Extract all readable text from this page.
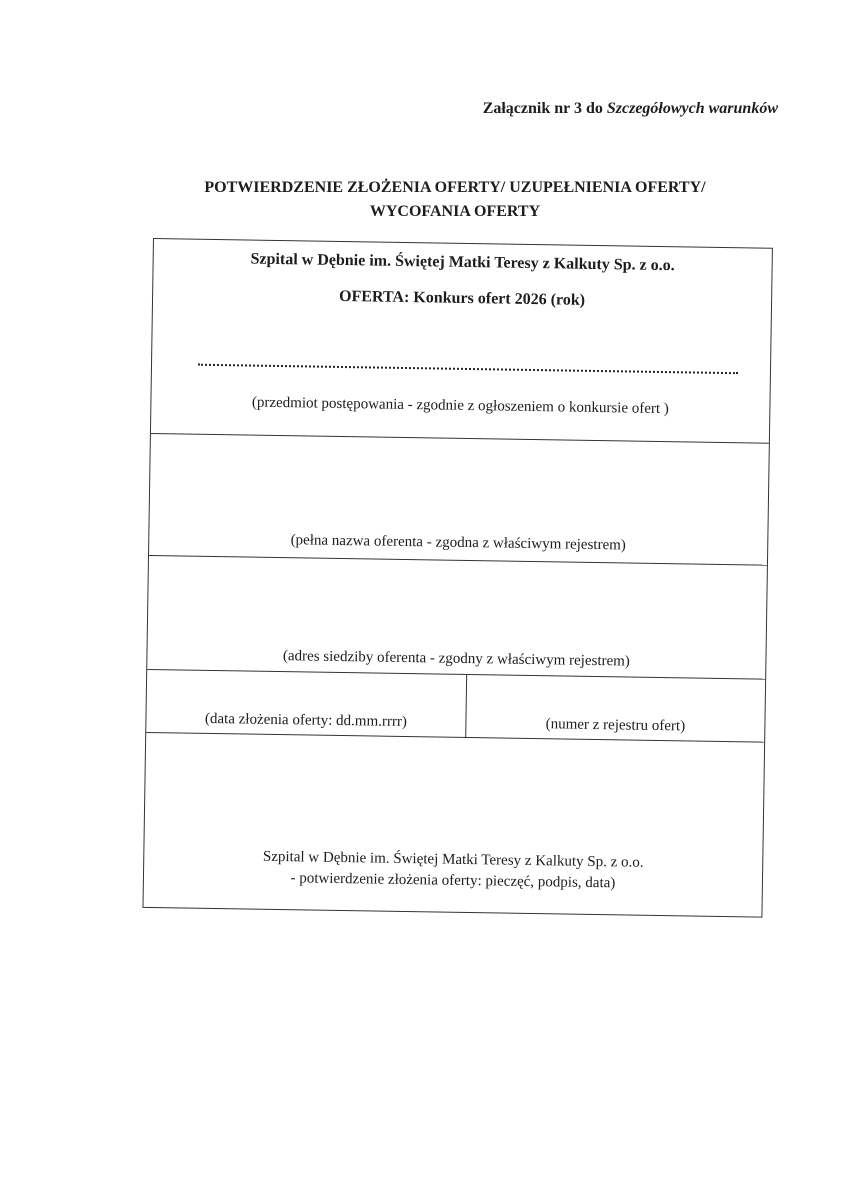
Załącznik nr 3 do Szczegółowych warunków
POTWIERDZENIE ZŁOŻENIA OFERTY/ UZUPEŁNIENIA OFERTY/
WYCOFANIA OFERTY
Szpital w Dębnie im. Świętej Matki Teresy z Kalkuty Sp. z o.o.
OFERTA: Konkurs ofert 2026 (rok)
(przedmiot postępowania - zgodnie z ogłoszeniem o konkursie ofert )
(pełna nazwa oferenta - zgodna z właściwym rejestrem)
(adres siedziby oferenta - zgodny z właściwym rejestrem)
(data złożenia oferty: dd.mm.rrrr)	(numer z rejestru ofert)
Szpital w Dębnie im. Świętej Matki Teresy z Kalkuty Sp. z o.o.
- potwierdzenie złożenia oferty: pieczęć, podpis, data)
